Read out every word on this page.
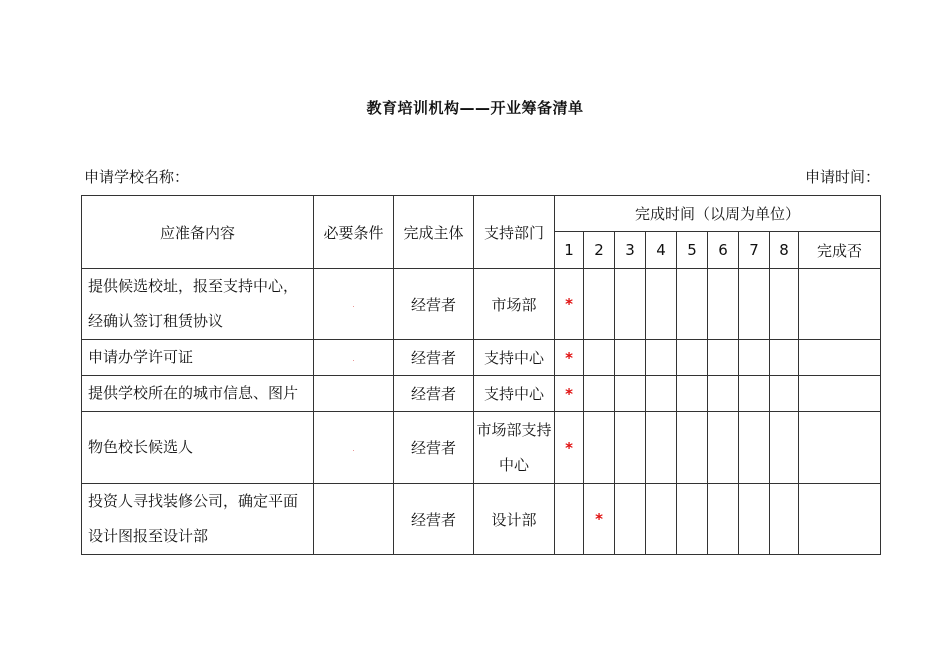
教育培训机构——开业筹备清单
申请学校名称：	申请时间：
应准备内容	必要条件	完成主体	支持部门	完成时间（以周为单位）								
				1	2	3	4	5	6	7	8	完成否
提供候选校址，报至支持中心，经确认签订租赁协议	·	经营者	市场部	*								
申请办学许可证	·	经营者	支持中心	*								
提供学校所在的城市信息、图片		经营者	支持中心	*								
物色校长候选人	·	经营者	市场部支持中心	*								
投资人寻找装修公司，确定平面设计图报至设计部		经营者	设计部		*							
